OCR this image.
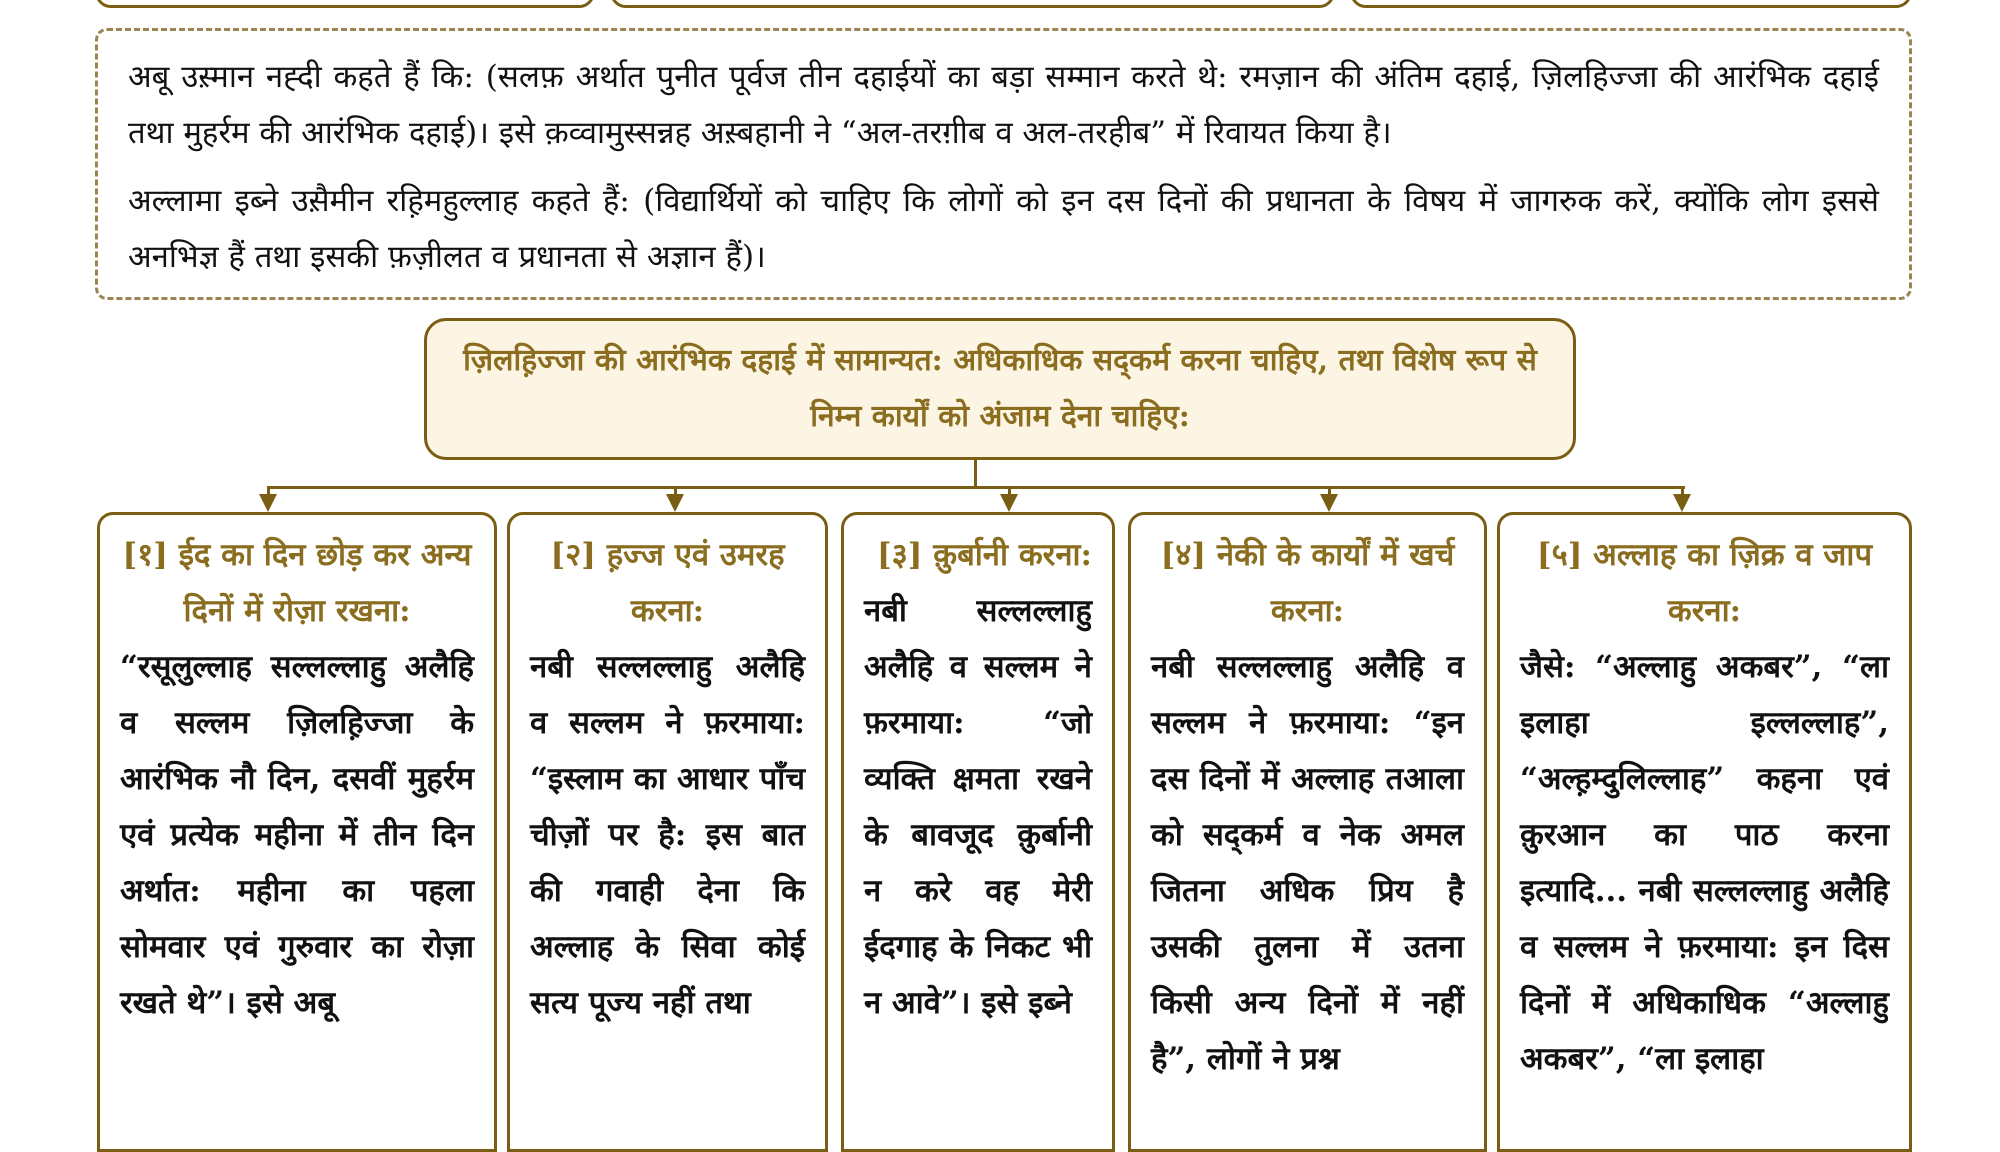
अबू उस़्मान नह्दी कहते हैं कि: (सलफ़ अर्थात पुनीत पूर्वज तीन दहाईयों का बड़ा सम्मान करते थे: रमज़ान की अंतिम दहाई, ज़िलहिज्जा की आरंभिक दहाई तथा मुहर्रम की आरंभिक दहाई)। इसे क़व्वामुस्सन्नह अस़्बहानी ने “अल-तरग़ीब व अल-तरहीब” में रिवायत किया है।

अल्लामा इब्ने उस़ैमीन रह़िमहुल्लाह कहते हैं: (विद्यार्थियों को चाहिए कि लोगों को इन दस दिनों की प्रधानता के विषय में जागरुक करें, क्योंकि लोग इससे अनभिज्ञ हैं तथा इसकी फ़ज़ीलत व प्रधानता से अज्ञान हैं)।

ज़िलह़िज्जा की आरंभिक दहाई में सामान्यत: अधिकाधिक सद्कर्म करना चाहिए, तथा विशेष रूप से निम्न कार्यों को अंजाम देना चाहिए:
[१] ईद का दिन छोड़ कर अन्य दिनों में रोज़ा रखना:
“रसूलुल्लाह सल्लल्लाहु अलैहि व सल्लम ज़िलह़िज्जा के आरंभिक नौ दिन, दसवीं मुहर्रम एवं प्रत्येक महीना में तीन दिन अर्थात: महीना का पहला सोमवार एवं गुरुवार का रोज़ा रखते थे”। इसे अबू
[२] ह़ज्ज एवं उमरह करना:
नबी सल्लल्लाहु अलैहि व सल्लम ने फ़रमाया: “इस्लाम का आधार पाँच चीज़ों पर है: इस बात की गवाही देना कि अल्लाह के सिवा कोई सत्य पूज्य नहीं तथा
[३] क़ुर्बानी करना:
नबी सल्लल्लाहु अलैहि व सल्लम ने फ़रमाया: “जो व्यक्ति क्षमता रखने के बावजूद क़ुर्बानी न करे वह मेरी ईदगाह के निकट भी न आवे”। इसे इब्ने
[४] नेकी के कार्यों में खर्च करना:
नबी सल्लल्लाहु अलैहि व सल्लम ने फ़रमाया: “इन दस दिनों में अल्लाह तआला को सद्कर्म व नेक अमल जितना अधिक प्रिय है उसकी तुलना में उतना किसी अन्य दिनों में नहीं है”, लोगों ने प्रश्न
[५] अल्लाह का ज़िक्र व जाप करना:
जैसे: “अल्लाहु अकबर”, “ला इलाहा इल्लल्लाह”, “अल्ह़म्दुलिल्लाह” कहना एवं क़ुरआन का पाठ करना इत्यादि... नबी सल्लल्लाहु अलैहि व सल्लम ने फ़रमाया: इन दिस दिनों में अधिकाधिक “अल्लाहु अकबर”, “ला इलाहा
